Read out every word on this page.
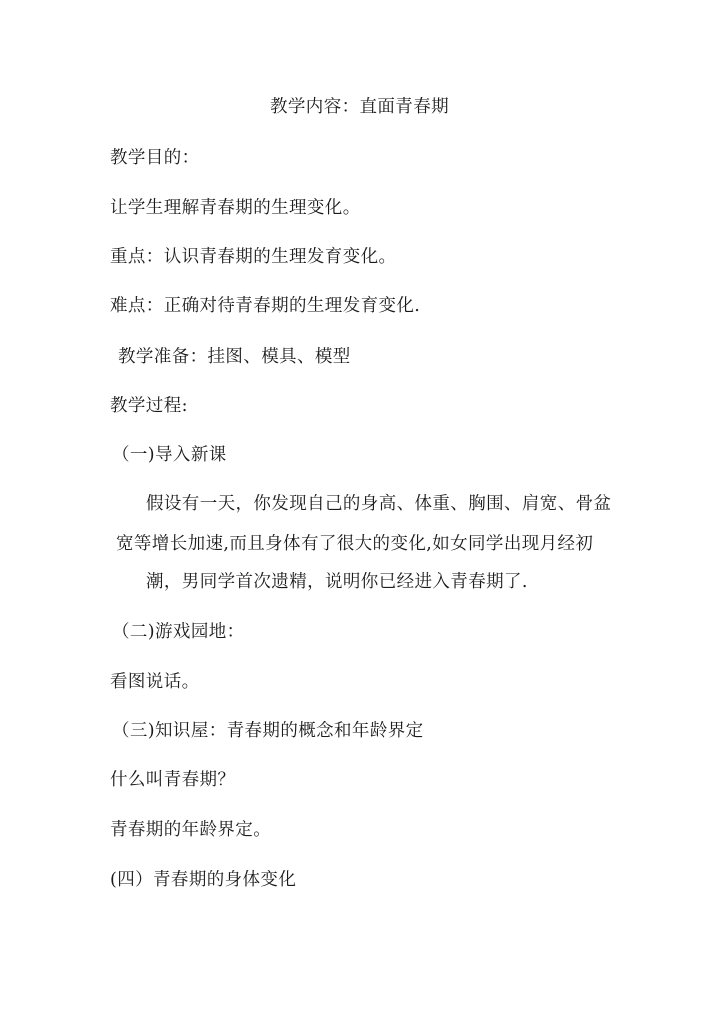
教学内容：直面青春期
教学目的：
让学生理解青春期的生理变化。
重点：认识青春期的生理发育变化。
难点：正确对待青春期的生理发育变化.
教学准备：挂图、模具、模型
教学过程:
（一)导入新课
假设有一天，你发现自己的身高、体重、胸围、肩宽、骨盆
宽等增长加速,而且身体有了很大的变化,如女同学出现月经初
潮，男同学首次遗精，说明你已经进入青春期了.
（二)游戏园地：
看图说话。
（三)知识屋：青春期的概念和年龄界定
什么叫青春期？
青春期的年龄界定。
(四）青春期的身体变化
